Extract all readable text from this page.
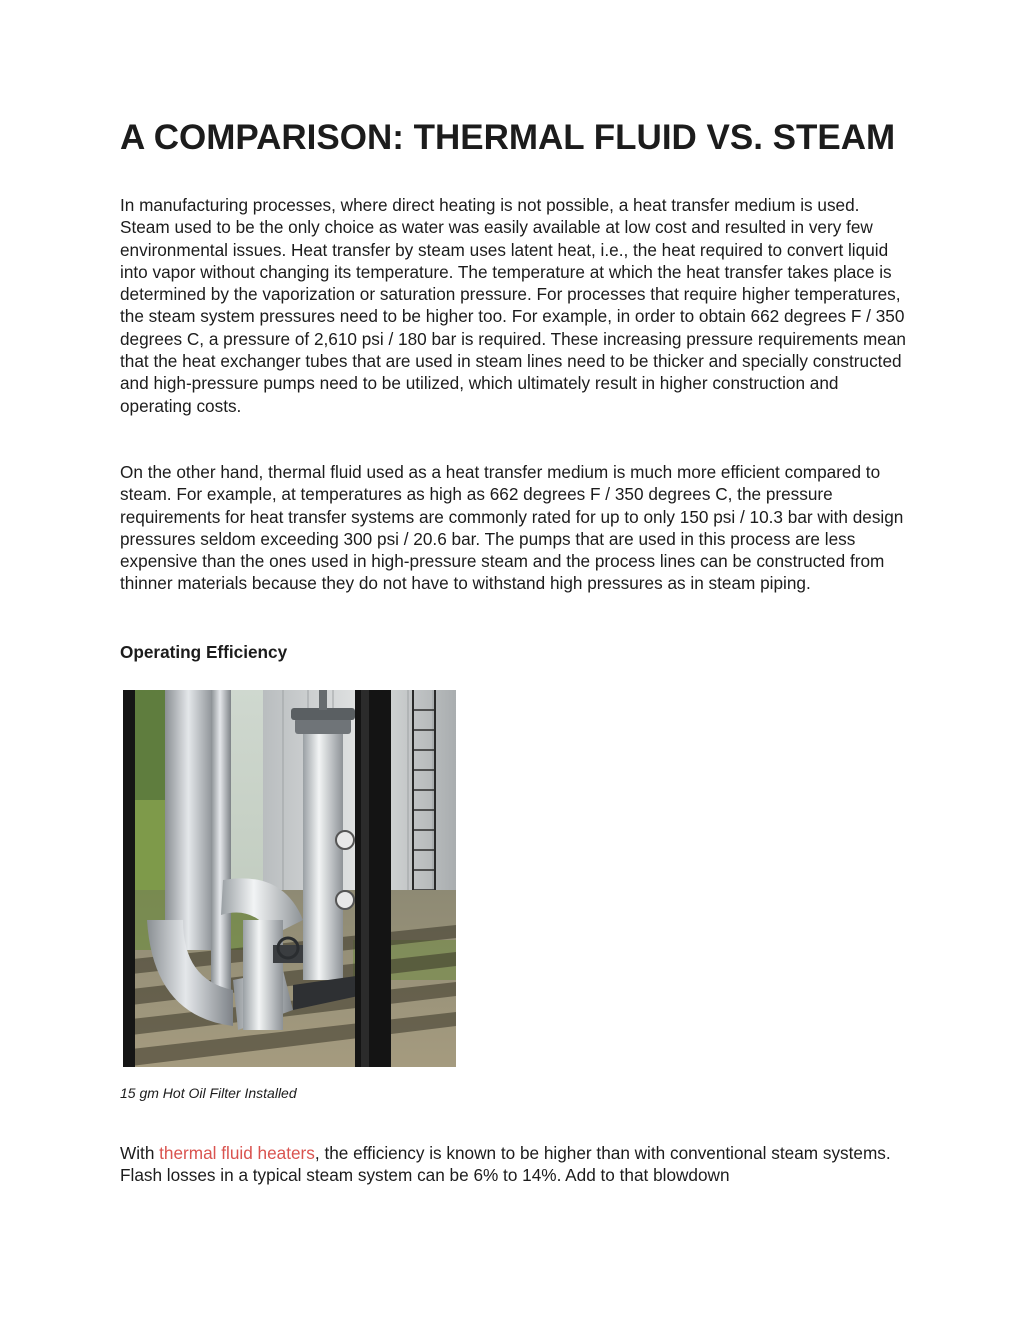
A COMPARISON: THERMAL FLUID VS. STEAM

In manufacturing processes, where direct heating is not possible, a heat transfer medium is used. Steam used to be the only choice as water was easily available at low cost and resulted in very few environmental issues. Heat transfer by steam uses latent heat, i.e., the heat required to convert liquid into vapor without changing its temperature. The temperature at which the heat transfer takes place is determined by the vaporization or saturation pressure. For processes that require higher temperatures, the steam system pressures need to be higher too. For example, in order to obtain 662 degrees F / 350 degrees C, a pressure of 2,610 psi / 180 bar is required. These increasing pressure requirements mean that the heat exchanger tubes that are used in steam lines need to be thicker and specially constructed and high-pressure pumps need to be utilized, which ultimately result in higher construction and operating costs.

On the other hand, thermal fluid used as a heat transfer medium is much more efficient compared to steam. For example, at temperatures as high as 662 degrees F / 350 degrees C, the pressure requirements for heat transfer systems are commonly rated for up to only 150 psi / 10.3 bar with design pressures seldom exceeding 300 psi / 20.6 bar. The pumps that are used in this process are less expensive than the ones used in high-pressure steam and the process lines can be constructed from thinner materials because they do not have to withstand high pressures as in steam piping.

Operating Efficiency

15 gm Hot Oil Filter Installed

With thermal fluid heaters, the efficiency is known to be higher than with conventional steam systems. Flash losses in a typical steam system can be 6% to 14%. Add to that blowdown
